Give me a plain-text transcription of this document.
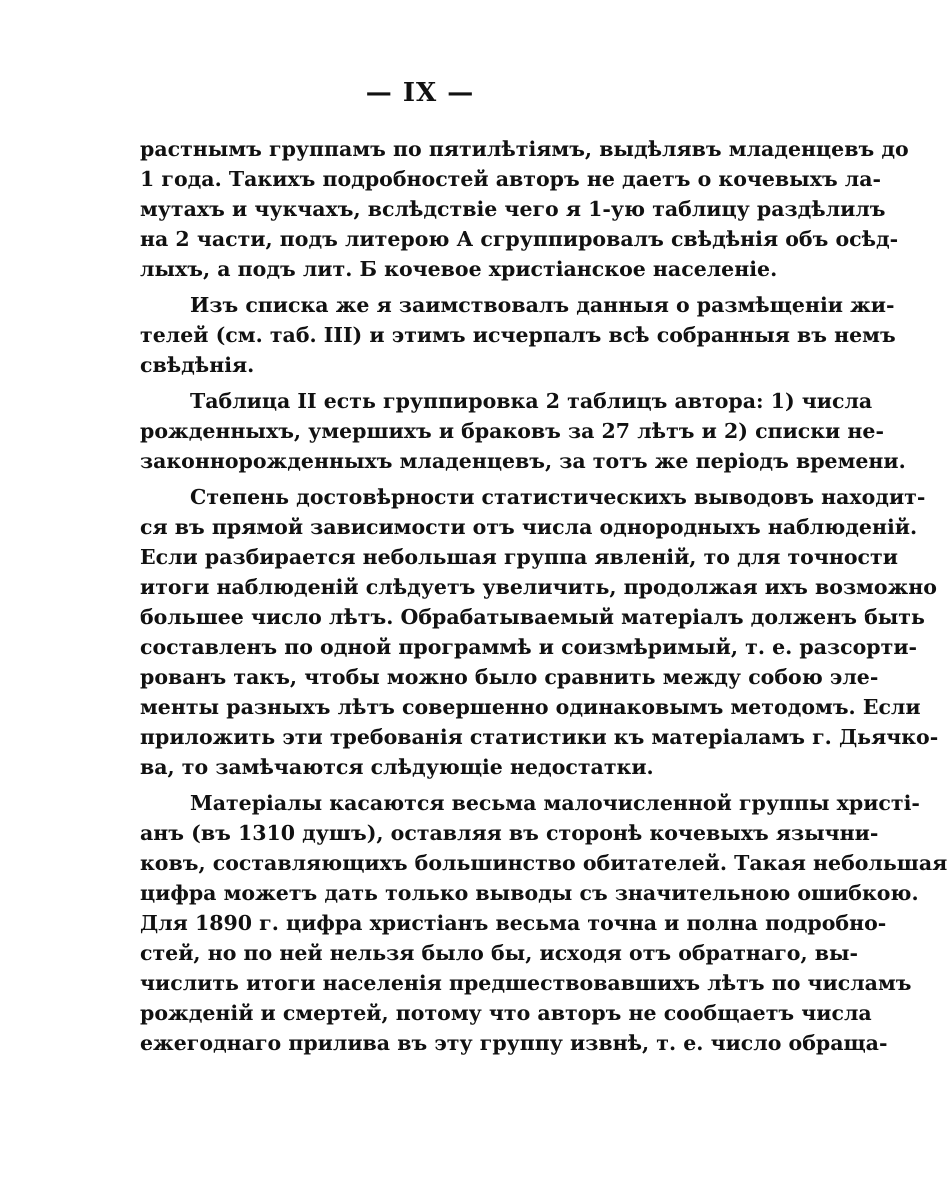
— IX —
растнымъ группамъ по пятилѣтіямъ, выдѣлявъ младенцевъ до
1 года. Такихъ подробностей авторъ не даетъ о кочевыхъ ла-
мутахъ и чукчахъ, вслѣдствіе чего я 1-ую таблицу раздѣлилъ
на 2 части, подъ литерою А сгруппировалъ свѣдѣнія объ осѣд-
лыхъ, а подъ лит. Б кочевое христіанское населеніе.
Изъ списка же я заимствовалъ данныя о размѣщеніи жи-
телей (см. таб. III) и этимъ исчерпалъ всѣ собранныя въ немъ
свѣдѣнія.
Таблица II есть группировка 2 таблицъ автора: 1) числа
рожденныхъ, умершихъ и браковъ за 27 лѣтъ и 2) списки не-
законнорожденныхъ младенцевъ, за тотъ же періодъ времени.
Степень достовѣрности статистическихъ выводовъ находит-
ся въ прямой зависимости отъ числа однородныхъ наблюденій.
Если разбирается небольшая группа явленій, то для точности
итоги наблюденій слѣдуетъ увеличить, продолжая ихъ возможно
большее число лѣтъ. Обрабатываемый матеріалъ долженъ быть
составленъ по одной программѣ и соизмѣримый, т. е. разсорти-
рованъ такъ, чтобы можно было сравнить между собою эле-
менты разныхъ лѣтъ совершенно одинаковымъ методомъ. Если
приложить эти требованія статистики къ матеріаламъ г. Дьячко-
ва, то замѣчаются слѣдующіе недостатки.
Матеріалы касаются весьма малочисленной группы христі-
анъ (въ 1310 душъ), оставляя въ сторонѣ кочевыхъ язычни-
ковъ, составляющихъ большинство обитателей. Такая небольшая
цифра можетъ дать только выводы съ значительною ошибкою.
Для 1890 г. цифра христіанъ весьма точна и полна подробно-
стей, но по ней нельзя было бы, исходя отъ обратнаго, вы-
числить итоги населенія предшествовавшихъ лѣтъ по числамъ
рожденій и смертей, потому что авторъ не сообщаетъ числа
ежегоднаго прилива въ эту группу извнѣ, т. е. число обраща-
